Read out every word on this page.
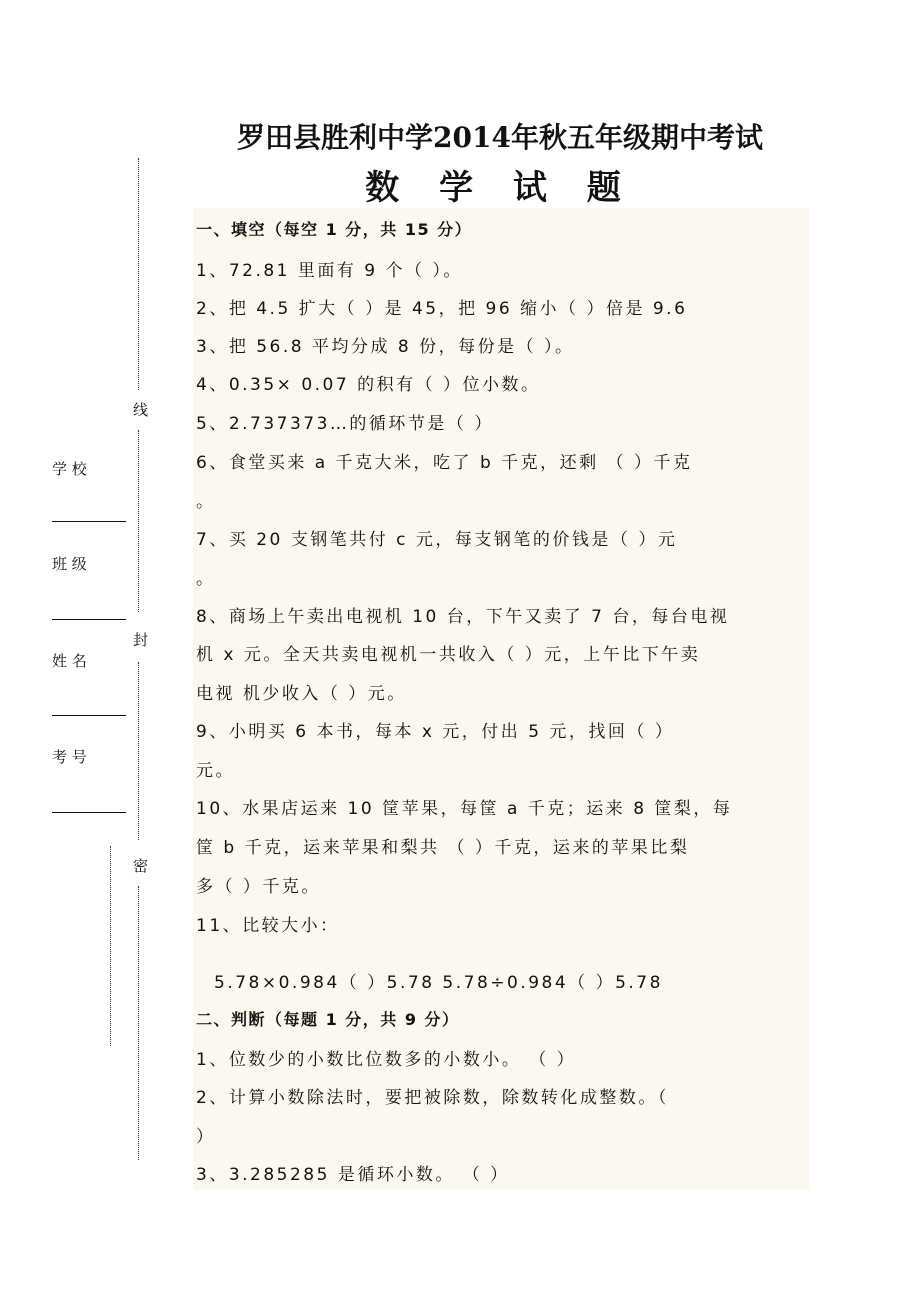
罗田县胜利中学2014年秋五年级期中考试
数 学 试 题
线
封
密
学 校
班 级
姓 名
考 号
一、填空（每空 1 分，共 15 分）
1、72.81 里面有 9 个（ ）。
2、把 4.5 扩大（ ）是 45，把 96 缩小（ ）倍是 9.6
3、把 56.8 平均分成 8 份，每份是（ ）。
4、0.35× 0.07 的积有（ ）位小数。
5、2.737373…的循环节是（ ）
6、食堂买来 a 千克大米，吃了 b 千克，还剩 （ ）千克
。
7、买 20 支钢笔共付 c 元，每支钢笔的价钱是（ ）元
。
8、商场上午卖出电视机 10 台，下午又卖了 7 台，每台电视
机 x 元。全天共卖电视机一共收入（ ）元，上午比下午卖
电视 机少收入（ ）元。
9、小明买 6 本书，每本 x 元，付出 5 元，找回（ ）
元。
10、水果店运来 10 筐苹果，每筐 a 千克；运来 8 筐梨，每
筐 b 千克，运来苹果和梨共 （ ）千克，运来的苹果比梨
多（ ）千克。
11、比较大小：
5.78×0.984（ ）5.78 5.78÷0.984（ ）5.78
二、判断（每题 1 分，共 9 分）
1、位数少的小数比位数多的小数小。 （ ）
2、计算小数除法时，要把被除数，除数转化成整数。（
）
3、3.285285 是循环小数。 （ ）
